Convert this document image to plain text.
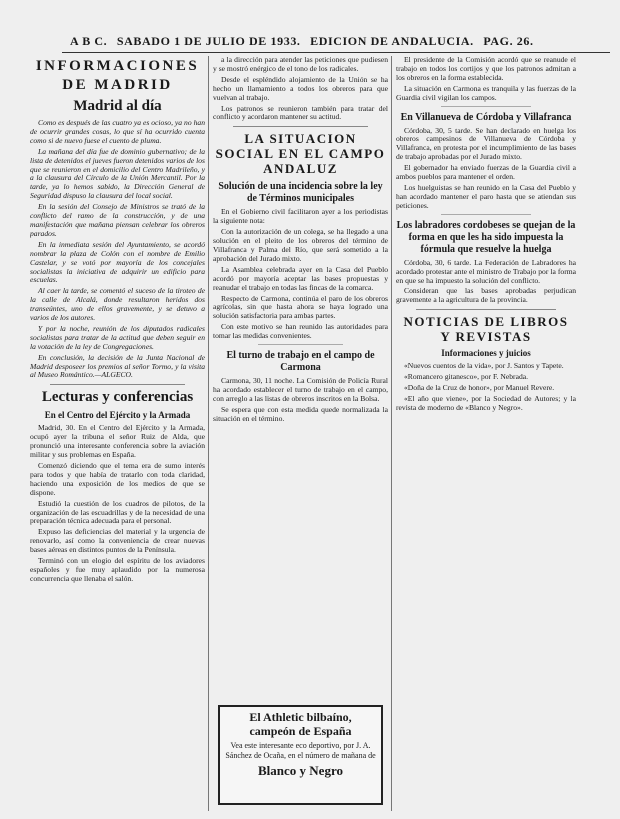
A B C. SABADO 1 DE JULIO DE 1933. EDICION DE ANDALUCIA. PAG. 26.
INFORMACIONES
DE MADRID
Madrid al día

Como es después de las cuatro ya es ocioso, ya no han de ocurrir grandes cosas, lo que sí ha ocurrido cuenta como si de nuevo fuese el cuento de pluma.

La mañana del día fue de dominio gubernativo; de la lista de detenidos el jueves fueron detenidos varios de los que se reunieron en el domicilio del Centro Madrileño, y a la clausura del Círculo de la Unión Mercantil. Por la tarde, ya lo hemos sabido, la Dirección General de Seguridad dispuso la clausura del local social.

En la sesión del Consejo de Ministros se trató de la conflicto del ramo de la construcción, y de una manifestación que mañana piensan celebrar los obreros parados.

En la inmediata sesión del Ayuntamiento, se acordó nombrar la plaza de Colón con el nombre de Emilio Castelar, y se votó por mayoría de los concejales socialistas la iniciativa de adquirir un edificio para escuelas.

Al caer la tarde, se comentó el suceso de la tiroteo de la calle de Alcalá, donde resultaron heridos dos transeúntes, uno de ellos gravemente, y se detuvo a varios de los autores.

Y por la noche, reunión de los diputados radicales socialistas para tratar de la actitud que deben seguir en la votación de la ley de Congregaciones.

En conclusión, la decisión de la Junta Nacional de Madrid desposeer los premios al señor Tormo, y la visita al Museo Romántico.—ALGECO.

Lecturas y conferencias
En el Centro del Ejército y la Armada

Madrid, 30. En el Centro del Ejército y la Armada, ocupó ayer la tribuna el señor Ruiz de Alda, que pronunció una interesante conferencia sobre la aviación militar y sus problemas en España.

Comenzó diciendo que el tema era de sumo interés para todos y que había de tratarlo con toda claridad, haciendo una exposición de los medios de que se dispone.

Estudió la cuestión de los cuadros de pilotos, de la organización de las escuadrillas y de la necesidad de una preparación técnica adecuada para el personal.

Expuso las deficiencias del material y la urgencia de renovarlo, así como la conveniencia de crear nuevas bases aéreas en distintos puntos de la Península.

Terminó con un elogio del espíritu de los aviadores españoles y fue muy aplaudido por la numerosa concurrencia que llenaba el salón.

a la dirección para atender las peticiones que pudiesen y se mostró enérgico de el tono de los radicales.

Desde el espléndido alojamiento de la Unión se ha hecho un llamamiento a todos los obreros para que vuelvan al trabajo.

Los patronos se reunieron también para tratar del conflicto y acordaron mantener su actitud.

LA SITUACION SOCIAL EN EL CAMPO ANDALUZ
Solución de una incidencia sobre la ley de Términos municipales

En el Gobierno civil facilitaron ayer a los periodistas la siguiente nota:

Con la autorización de un colega, se ha llegado a una solución en el pleito de los obreros del término de Villafranca y Palma del Río, que será sometido a la aprobación del Jurado mixto.

La Asamblea celebrada ayer en la Casa del Pueblo acordó por mayoría aceptar las bases propuestas y reanudar el trabajo en todas las fincas de la comarca.

Respecto de Carmona, continúa el paro de los obreros agrícolas, sin que hasta ahora se haya logrado una solución satisfactoria para ambas partes.

Con este motivo se han reunido las autoridades para tomar las medidas convenientes.

El turno de trabajo en el campo de Carmona

Carmona, 30, 11 noche. La Comisión de Policía Rural ha acordado establecer el turno de trabajo en el campo, con arreglo a las listas de obreros inscritos en la Bolsa.

Se espera que con esta medida quede normalizada la situación en el término.

El Athletic bilbaíno,
campeón de España
Vea este interesante eco deportivo, por J. A. Sánchez de Ocaña, en el número de mañana de
Blanco y Negro

El presidente de la Comisión acordó que se reanude el trabajo en todos los cortijos y que los patronos admitan a los obreros en la forma establecida.

La situación en Carmona es tranquila y las fuerzas de la Guardia civil vigilan los campos.

En Villanueva de Córdoba y Villafranca

Córdoba, 30, 5 tarde. Se han declarado en huelga los obreros campesinos de Villanueva de Córdoba y Villafranca, en protesta por el incumplimiento de las bases de trabajo aprobadas por el Jurado mixto.

El gobernador ha enviado fuerzas de la Guardia civil a ambos pueblos para mantener el orden.

Los huelguistas se han reunido en la Casa del Pueblo y han acordado mantener el paro hasta que se atiendan sus peticiones.

Los labradores cordobeses se quejan de la forma en que les ha sido impuesta la fórmula que resuelve la huelga

Córdoba, 30, 6 tarde. La Federación de Labradores ha acordado protestar ante el ministro de Trabajo por la forma en que se ha impuesto la solución del conflicto.

Consideran que las bases aprobadas perjudican gravemente a la agricultura de la provincia.

NOTICIAS DE LIBROS Y REVISTAS
Informaciones y juicios

«Nuevos cuentos de la vida», por J. Santos y Tapete.

«Romancero gitanesco», por F. Nebrada.

«Doña de la Cruz de honor», por Manuel Revere.

«El año que viene», por la Sociedad de Autores; y la revista de moderno de «Blanco y Negro».
